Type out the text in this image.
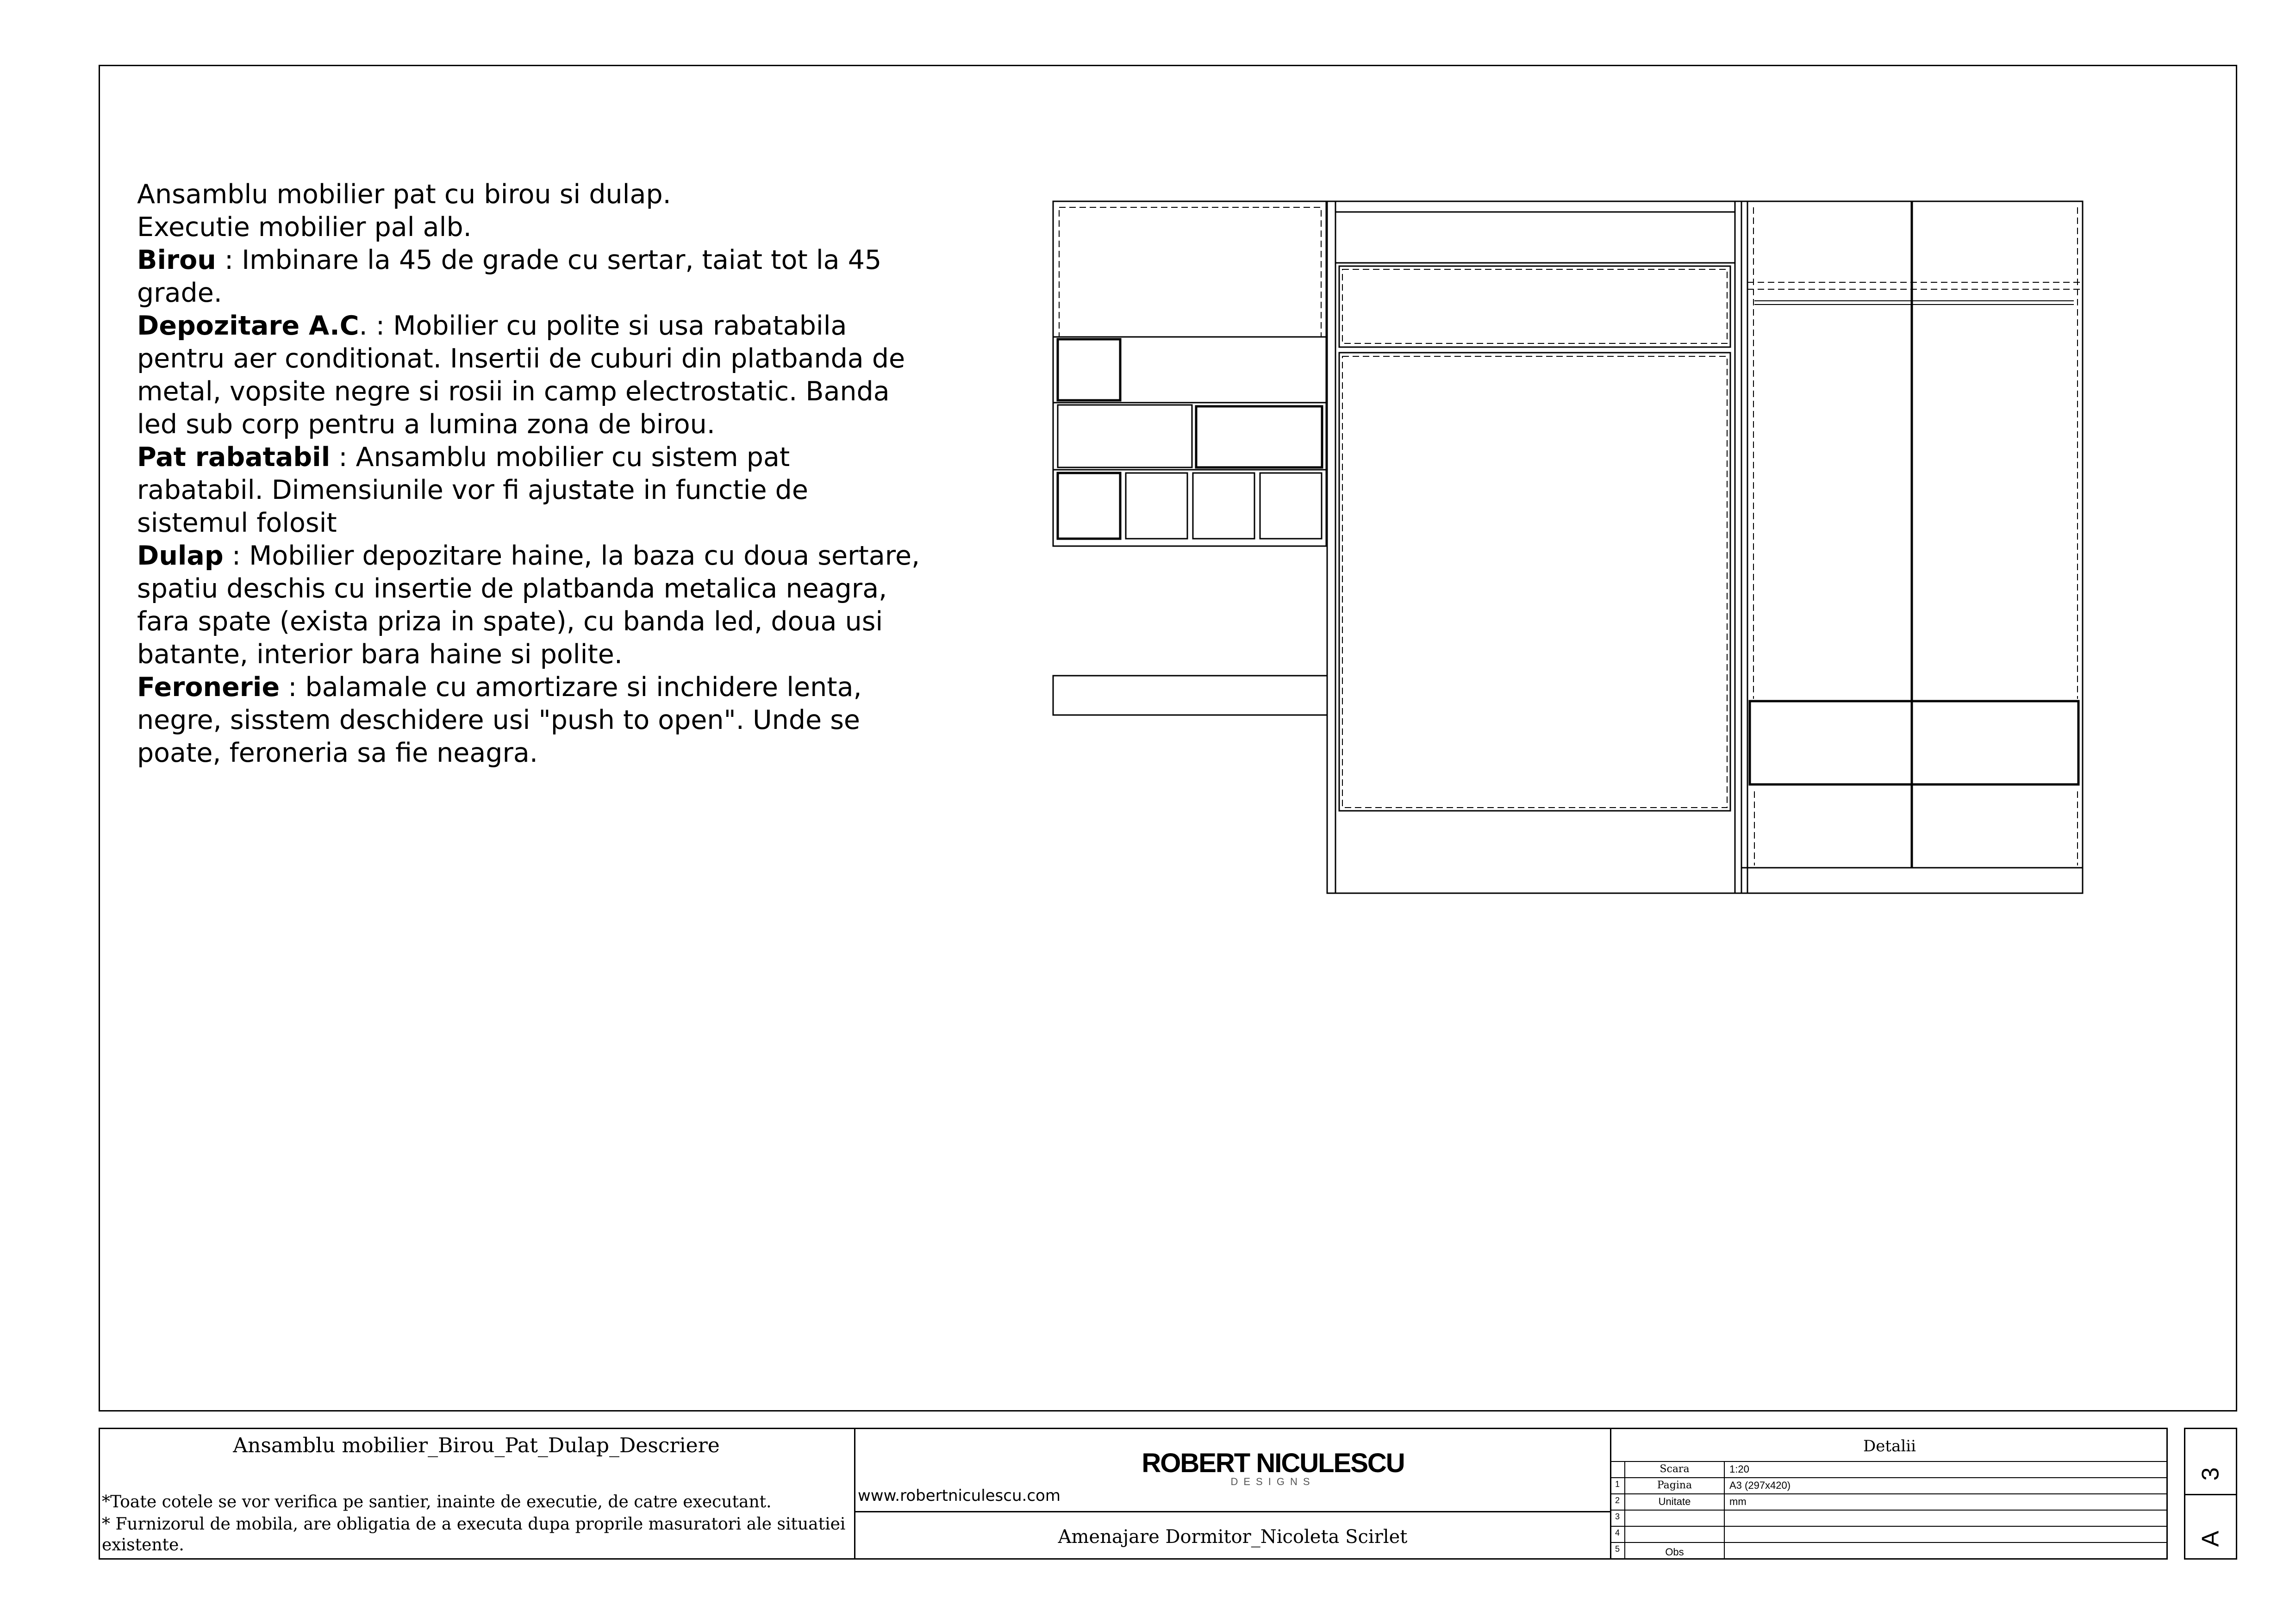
Ansamblu mobilier pat cu birou si dulap.

Executie mobilier pal alb.

Birou : Imbinare la 45 de grade cu sertar, taiat tot la 45 grade.

Depozitare A.C. : Mobilier cu polite si usa rabatabila pentru aer conditionat. Insertii de cuburi din platbanda de metal, vopsite negre si rosii in camp electrostatic. Banda led sub corp pentru a lumina zona de birou.

Pat rabatabil : Ansamblu mobilier cu sistem pat rabatabil. Dimensiunile vor fi ajustate in functie de sistemul folosit

Dulap : Mobilier depozitare haine, la baza cu doua sertare, spatiu deschis cu insertie de platbanda metalica neagra, fara spate (exista priza in spate), cu banda led, doua usi batante, interior bara haine si polite.

Feronerie : balamale cu amortizare si inchidere lenta, negre, sisstem deschidere usi "push to open". Unde se poate, feroneria sa fie neagra.

Ansamblu mobilier_Birou_Pat_Dulap_Descriere
*Toate cotele se vor verifica pe santier, inainte de executie, de catre executant.
* Furnizorul de mobila, are obligatia de a executa dupa proprile masuratori ale situatiei existente.
ROBERT NICULESCU
DESIGNS
www.robertniculescu.com
Amenajare Dormitor_Nicoleta Scirlet
Detalii
Scara	1:20
1	Pagina	A3 (297x420)
2	Unitate	mm
3
4
5	Obs
3
A
